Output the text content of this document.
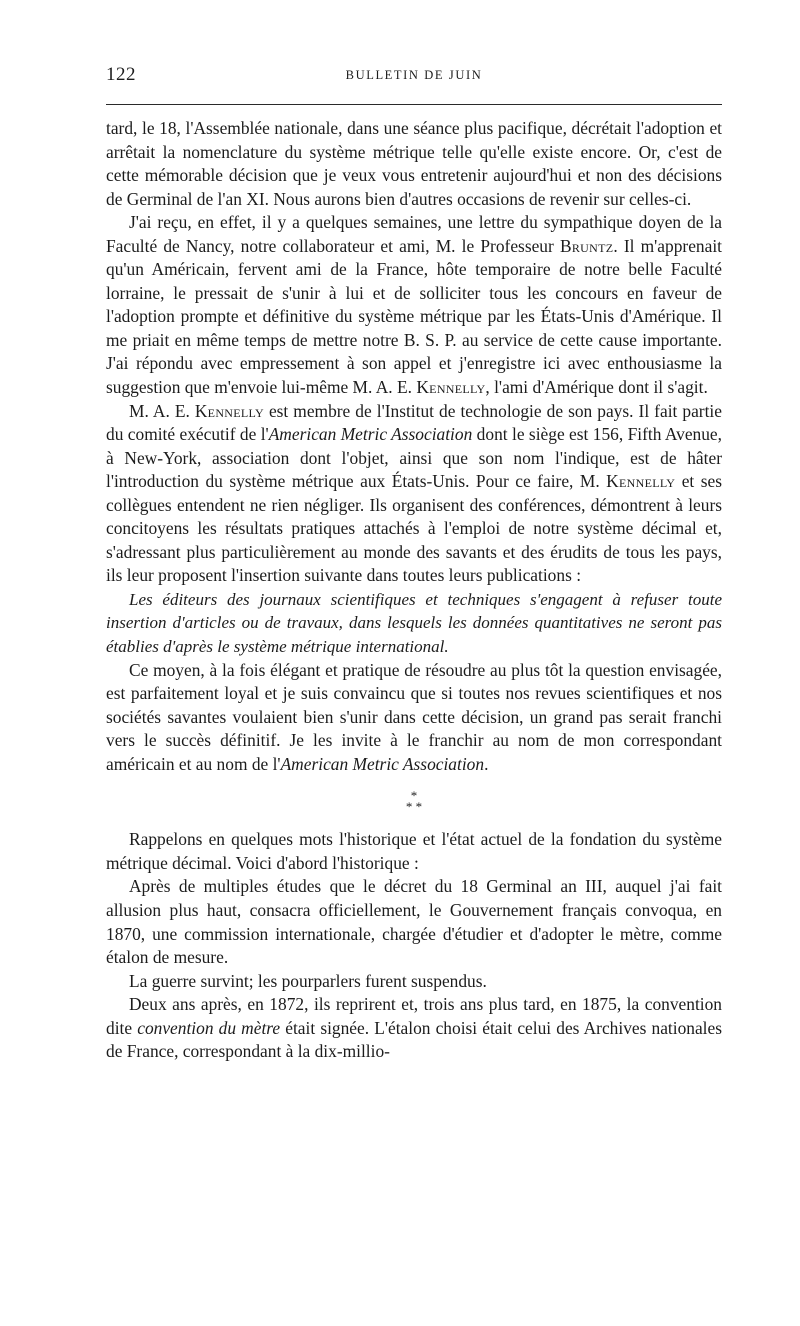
122	BULLETIN DE JUIN

tard, le 18, l'Assemblée nationale, dans une séance plus pacifique, décrétait l'adoption et arrêtait la nomenclature du système métrique telle qu'elle existe encore. Or, c'est de cette mémorable décision que je veux vous entretenir aujourd'hui et non des décisions de Germinal de l'an XI. Nous aurons bien d'autres occasions de revenir sur celles-ci.

J'ai reçu, en effet, il y a quelques semaines, une lettre du sympathique doyen de la Faculté de Nancy, notre collaborateur et ami, M. le Professeur Bruntz. Il m'apprenait qu'un Américain, fervent ami de la France, hôte temporaire de notre belle Faculté lorraine, le pressait de s'unir à lui et de solliciter tous les concours en faveur de l'adoption prompte et définitive du système métrique par les États-Unis d'Amérique. Il me priait en même temps de mettre notre B. S. P. au service de cette cause importante. J'ai répondu avec empressement à son appel et j'enregistre ici avec enthousiasme la suggestion que m'envoie lui-même M. A. E. Kennelly, l'ami d'Amérique dont il s'agit.

M. A. E. Kennelly est membre de l'Institut de technologie de son pays. Il fait partie du comité exécutif de l'American Metric Association dont le siège est 156, Fifth Avenue, à New-York, association dont l'objet, ainsi que son nom l'indique, est de hâter l'introduction du système métrique aux États-Unis. Pour ce faire, M. Kennelly et ses collègues entendent ne rien négliger. Ils organisent des conférences, démontrent à leurs concitoyens les résultats pratiques attachés à l'emploi de notre système décimal et, s'adressant plus particulièrement au monde des savants et des érudits de tous les pays, ils leur proposent l'insertion suivante dans toutes leurs publications :

Les éditeurs des journaux scientifiques et techniques s'engagent à refuser toute insertion d'articles ou de travaux, dans lesquels les données quantitatives ne seront pas établies d'après le système métrique international.

Ce moyen, à la fois élégant et pratique de résoudre au plus tôt la question envisagée, est parfaitement loyal et je suis convaincu que si toutes nos revues scientifiques et nos sociétés savantes voulaient bien s'unir dans cette décision, un grand pas serait franchi vers le succès définitif. Je les invite à le franchir au nom de mon correspondant américain et au nom de l'American Metric Association.

*
* *

Rappelons en quelques mots l'historique et l'état actuel de la fondation du système métrique décimal. Voici d'abord l'historique :

Après de multiples études que le décret du 18 Germinal an III, auquel j'ai fait allusion plus haut, consacra officiellement, le Gouvernement français convoqua, en 1870, une commission internationale, chargée d'étudier et d'adopter le mètre, comme étalon de mesure.

La guerre survint; les pourparlers furent suspendus.

Deux ans après, en 1872, ils reprirent et, trois ans plus tard, en 1875, la convention dite convention du mètre était signée. L'étalon choisi était celui des Archives nationales de France, correspondant à la dix-millio-
